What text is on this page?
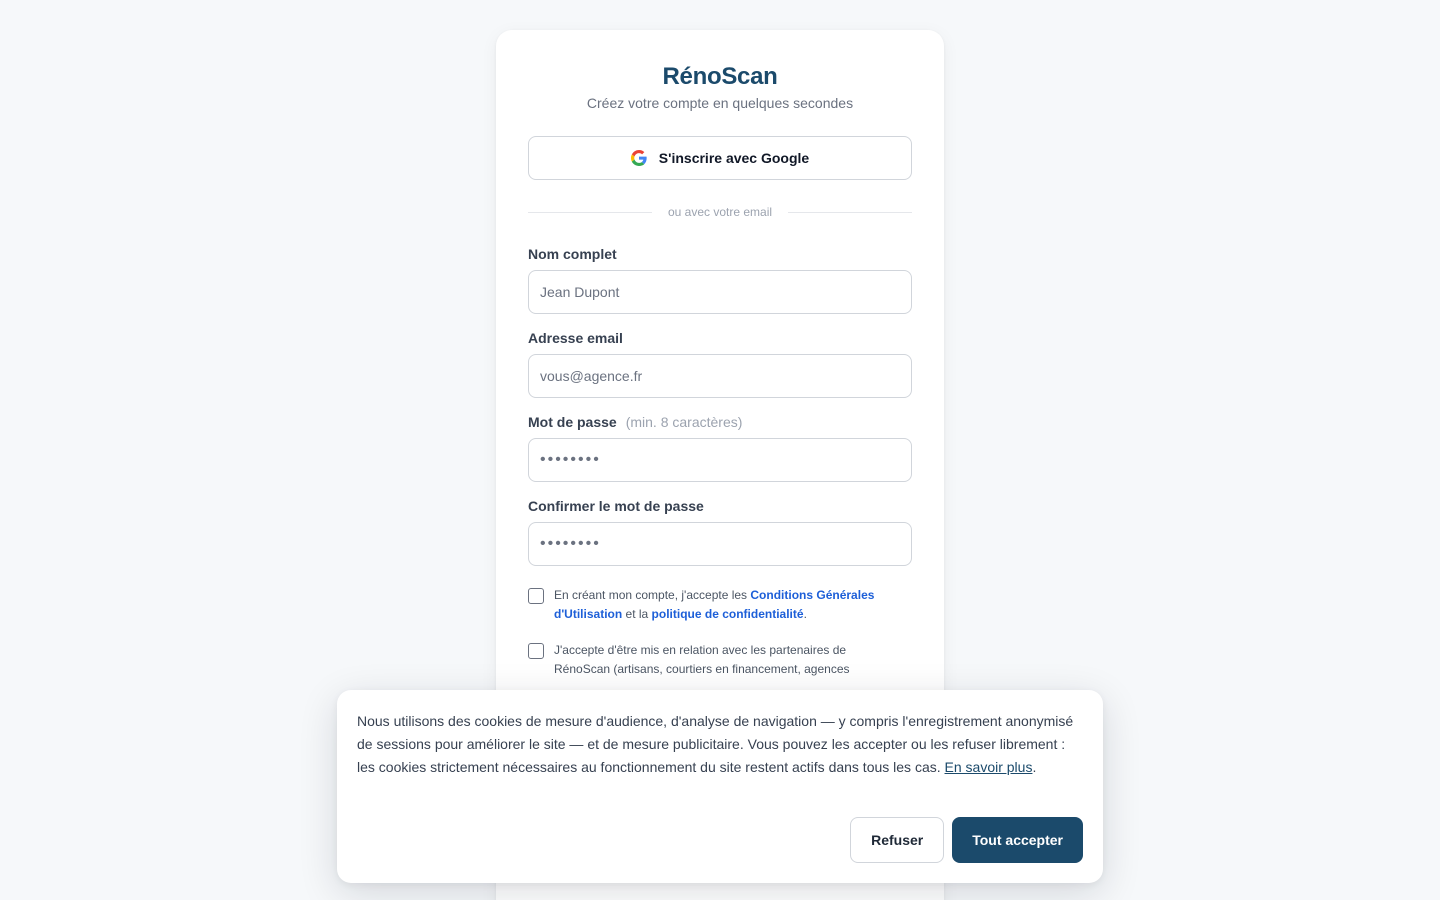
RénoScan
Créez votre compte en quelques secondes
S'inscrire avec Google
ou avec votre email
Nom complet
Jean Dupont
Adresse email
vous@agence.fr
Mot de passe (min. 8 caractères)
••••••••
Confirmer le mot de passe
••••••••
En créant mon compte, j'accepte les Conditions Générales d'Utilisation et la politique de confidentialité.
J'accepte d'être mis en relation avec les partenaires de RénoScan (artisans, courtiers en financement, agences

Nous utilisons des cookies de mesure d'audience, d'analyse de navigation — y compris l'enregistrement anonymisé de sessions pour améliorer le site — et de mesure publicitaire. Vous pouvez les accepter ou les refuser librement : les cookies strictement nécessaires au fonctionnement du site restent actifs dans tous les cas. En savoir plus.

Refuser	Tout accepter
